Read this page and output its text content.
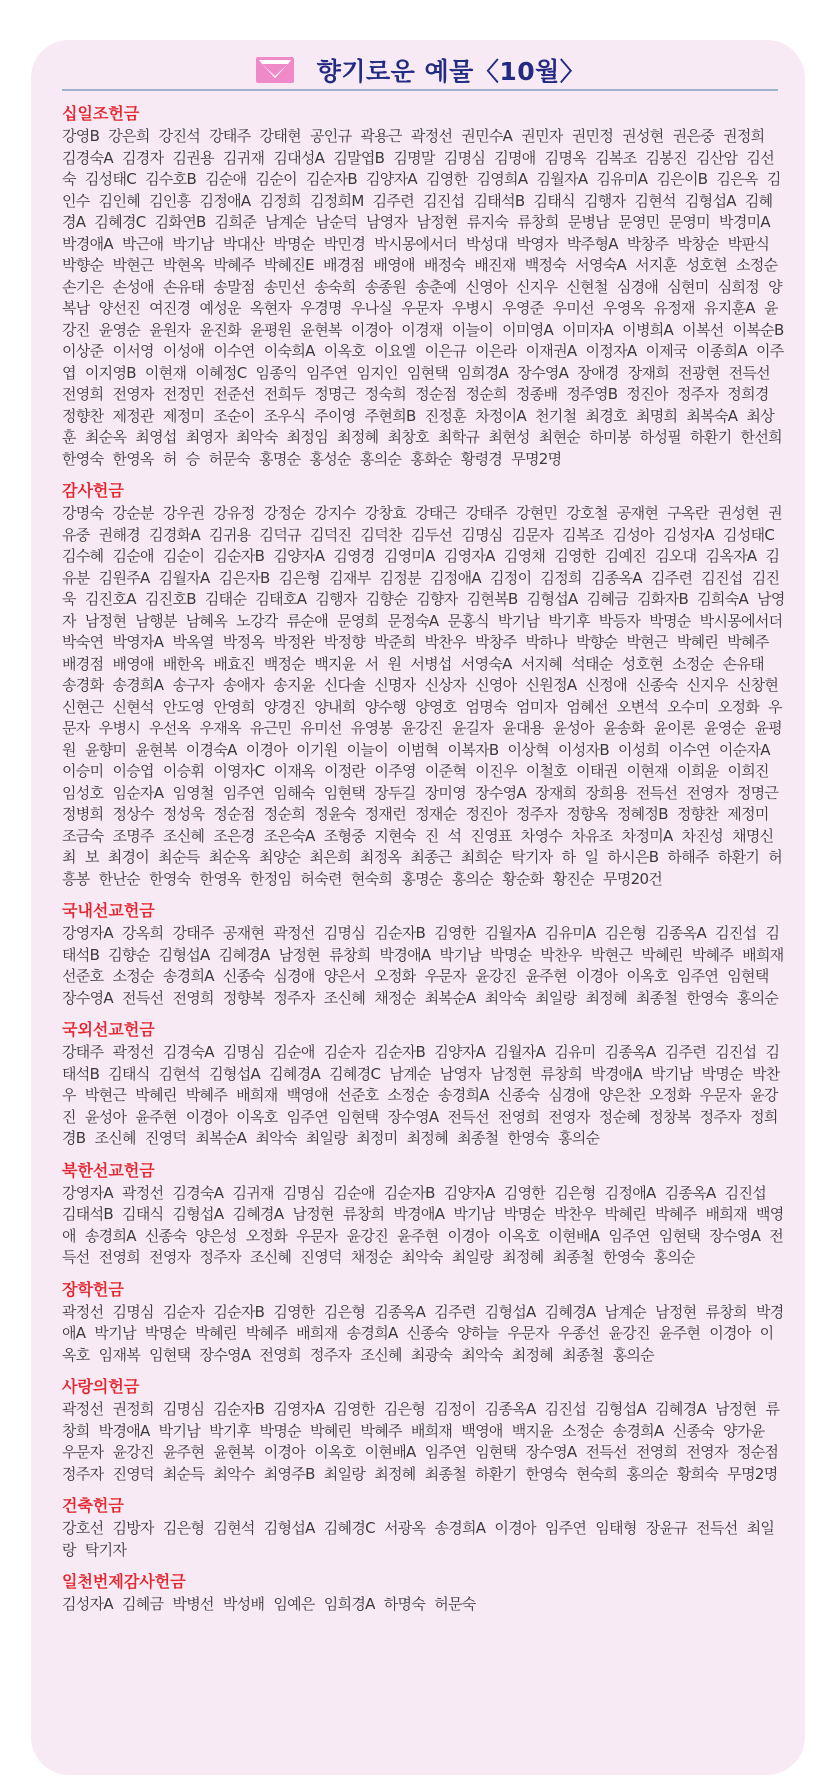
향기로운 예물〈10월〉
십일조헌금
강영B 강은희 강진석 강태주 강태현 공인규 곽용근 곽정선 권민수A 권민자 권민정 권성현 권은중 권정희 김경숙A 김경자 김권용 김귀재 김대성A 김말엽B 김명말 김명심 김명애 김명옥 김복조 김봉진 김산암 김선숙 김성태C 김수호B 김순애 김순이 김순자B 김양자A 김영한 김영희A 김월자A 김유미A 김은이B 김은옥 김인수 김인혜 김인흥 김정애A 김정희 김정희M 김주련 김진섭 김태석B 김태식 김행자 김현석 김형섭A 김혜경A 김혜경C 김화연B 김희준 남계순 남순덕 남영자 남정현 류지숙 류창희 문병남 문영민 문영미 박경미A 박경애A 박근애 박기남 박대산 박명순 박민경 박시몽에서더 박성대 박영자 박주형A 박창주 박창순 박판식 박향순 박현근 박현옥 박혜주 박혜진E 배경점 배영애 배정숙 배진재 백정숙 서영숙A 서지훈 성호현 소정순 손기은 손성애 손유태 송말점 송민선 송숙희 송종원 송춘예 신영아 신지우 신현철 심경애 심현미 심희정 양복남 양선진 여진경 예성운 옥현자 우경명 우나실 우문자 우병시 우영준 우미선 우영옥 유정재 유지훈A 윤강진 윤영순 윤원자 윤진화 윤평원 윤현복 이경아 이경재 이늘이 이미영A 이미자A 이병희A 이복선 이복순B 이상준 이서영 이성애 이수연 이숙희A 이옥호 이요엘 이은규 이은라 이재권A 이정자A 이제국 이종희A 이주엽 이지영B 이현재 이혜정C 임종익 임주연 임지인 임현택 임희경A 장수영A 장애경 장재희 전광현 전득선 전영희 전영자 전정민 전준선 전희두 정명근 정숙희 정순점 정순희 정종배 정주영B 정진아 정주자 정희경 정향찬 제정관 제정미 조순이 조우식 주이영 주현희B 진정훈 차정이A 천기철 최경호 최명희 최복숙A 최상훈 최순옥 최영섭 최영자 최악숙 최정임 최정혜 최창호 최학규 최현성 최현순 하미봉 하성필 하환기 한선희 한영숙 한영옥 허 승 허문숙 홍명순 홍성순 홍의순 홍화순 황령경 무명2명
감사헌금
강명숙 강순분 강우권 강유정 강정순 강지수 강창효 강태근 강태주 강현민 강호철 공재현 구옥란 권성현 권유중 권해경 김경화A 김귀용 김덕규 김덕진 김덕찬 김두선 김명심 김문자 김복조 김성아 김성자A 김성태C 김수혜 김순애 김순이 김순자B 김양자A 김영경 김영미A 김영자A 김영채 김영한 김예진 김오대 김옥자A 김유분 김원주A 김월자A 김은자B 김은형 김재부 김정분 김정애A 김정이 김정희 김종옥A 김주련 김진섭 김진욱 김진호A 김진호B 김태순 김태호A 김행자 김향순 김향자 김현복B 김형섭A 김혜금 김화자B 김희숙A 남영자 남정현 남행분 남혜옥 노강각 류순애 문영희 문정숙A 문홍식 박기남 박기후 박등자 박명순 박시몽에서더 박숙연 박영자A 박옥열 박정옥 박정완 박정향 박준희 박찬우 박창주 박하나 박향순 박현근 박혜린 박혜주 배경점 배영애 배한옥 배효진 백정순 백지윤 서 원 서병섭 서영숙A 서지혜 석태순 성호현 소정순 손유태 송경화 송경희A 송구자 송애자 송지윤 신다솔 신명자 신상자 신영아 신원정A 신정애 신종숙 신지우 신창현 신현근 신현석 안도영 안영희 양경진 양내희 양수행 양영호 엄명숙 엄미자 엄혜선 오변석 오수미 오정화 우문자 우병시 우선옥 우재옥 유근민 유미선 유영봉 윤강진 윤길자 윤대용 윤성아 윤송화 윤이론 윤영순 윤평원 윤향미 윤현복 이경숙A 이경아 이기원 이늘이 이범혁 이복자B 이상혁 이성자B 이성희 이수연 이순자A 이승미 이승엽 이승휘 이영자C 이재옥 이정란 이주영 이준혁 이진우 이철호 이태권 이현재 이희윤 이희진 임성호 임순자A 임영철 임주연 임해숙 임현택 장두길 장미영 장수영A 장재희 장희용 전득선 전영자 정명근 정병희 정상수 정성욱 정순점 정순희 정윤숙 정재런 정재순 정진아 정주자 정향옥 정혜정B 정향찬 제정미 조금숙 조명주 조신혜 조은경 조은숙A 조형중 지현숙 진 석 진영표 차영수 차유조 차정미A 차진성 채명신 최 보 최경이 최순득 최순옥 최양순 최은희 최정옥 최종근 최희순 탁기자 하 일 하시은B 하해주 하환기 허흥봉 한난순 한영숙 한영옥 한정임 허숙련 현숙희 홍명순 홍의순 황순화 황진순 무명20건
국내선교헌금
강영자A 강옥희 강태주 공재현 곽정선 김명심 김순자B 김영한 김월자A 김유미A 김은형 김종옥A 김진섭 김태석B 김향순 김형섭A 김혜경A 남정현 류창희 박경애A 박기남 박명순 박찬우 박현근 박혜린 박혜주 배희재 선준호 소정순 송경희A 신종숙 심경애 양은서 오정화 우문자 윤강진 윤주현 이경아 이옥호 임주연 임현택 장수영A 전득선 전영희 정향복 정주자 조신혜 채정순 최복순A 최악숙 최일랑 최정혜 최종철 한영숙 홍의순
국외선교헌금
강태주 곽정선 김경숙A 김명심 김순애 김순자 김순자B 김양자A 김월자A 김유미 김종옥A 김주련 김진섭 김태석B 김태식 김현석 김형섭A 김혜경A 김혜경C 남계순 남영자 남정현 류창희 박경애A 박기남 박명순 박찬우 박현근 박혜린 박혜주 배희재 백영애 선준호 소정순 송경희A 신종숙 심경애 양은찬 오정화 우문자 윤강진 윤성아 윤주현 이경아 이옥호 임주연 임현택 장수영A 전득선 전영희 전영자 정순혜 정창복 정주자 정희경B 조신혜 진영덕 최복순A 최악숙 최일랑 최정미 최정혜 최종철 한영숙 홍의순
북한선교헌금
강영자A 곽정선 김경숙A 김귀재 김명심 김순애 김순자B 김양자A 김영한 김은형 김정애A 김종옥A 김진섭 김태석B 김태식 김형섭A 김혜경A 남정현 류창희 박경애A 박기남 박명순 박찬우 박혜린 박혜주 배희재 백영애 송경희A 신종숙 양은성 오정화 우문자 윤강진 윤주현 이경아 이옥호 이현배A 임주연 임현택 장수영A 전득선 전영희 전영자 정주자 조신혜 진영덕 채정순 최악숙 최일랑 최정혜 최종철 한영숙 홍의순
장학헌금
곽정선 김명심 김순자 김순자B 김영한 김은형 김종옥A 김주련 김형섭A 김혜경A 남계순 남정현 류창희 박경애A 박기남 박명순 박혜린 박혜주 배희재 송경희A 신종숙 양하늘 우문자 우종선 윤강진 윤주현 이경아 이옥호 임재복 임현택 장수영A 전영희 정주자 조신혜 최광숙 최악숙 최정혜 최종철 홍의순
사랑의헌금
곽정선 권정희 김명심 김순자B 김영자A 김영한 김은형 김정이 김종옥A 김진섭 김형섭A 김혜경A 남정현 류창희 박경애A 박기남 박기후 박명순 박혜린 박혜주 배희재 백영애 백지윤 소정순 송경희A 신종숙 양가윤 우문자 윤강진 윤주현 윤현복 이경아 이옥호 이현배A 임주연 임현택 장수영A 전득선 전영희 전영자 정순점 정주자 진영덕 최순득 최악수 최영주B 최일랑 최정혜 최종철 하환기 한영숙 현숙희 홍의순 황희숙 무명2명
건축헌금
강호선 김방자 김은형 김현석 김형섭A 김혜경C 서광옥 송경희A 이경아 임주연 임태형 장윤규 전득선 최일랑 탁기자
일천번제감사헌금
김성자A 김혜금 박병선 박성배 임예은 임희경A 하명숙 허문숙
